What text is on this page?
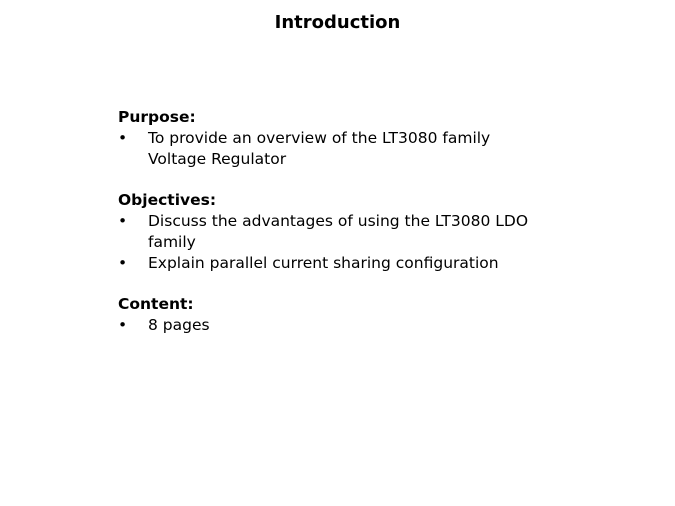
Introduction
Purpose:
• To provide an overview of the LT3080 family Voltage Regulator
Objectives:
• Discuss the advantages of using the LT3080 LDO family
• Explain parallel current sharing configuration
Content:
• 8 pages
